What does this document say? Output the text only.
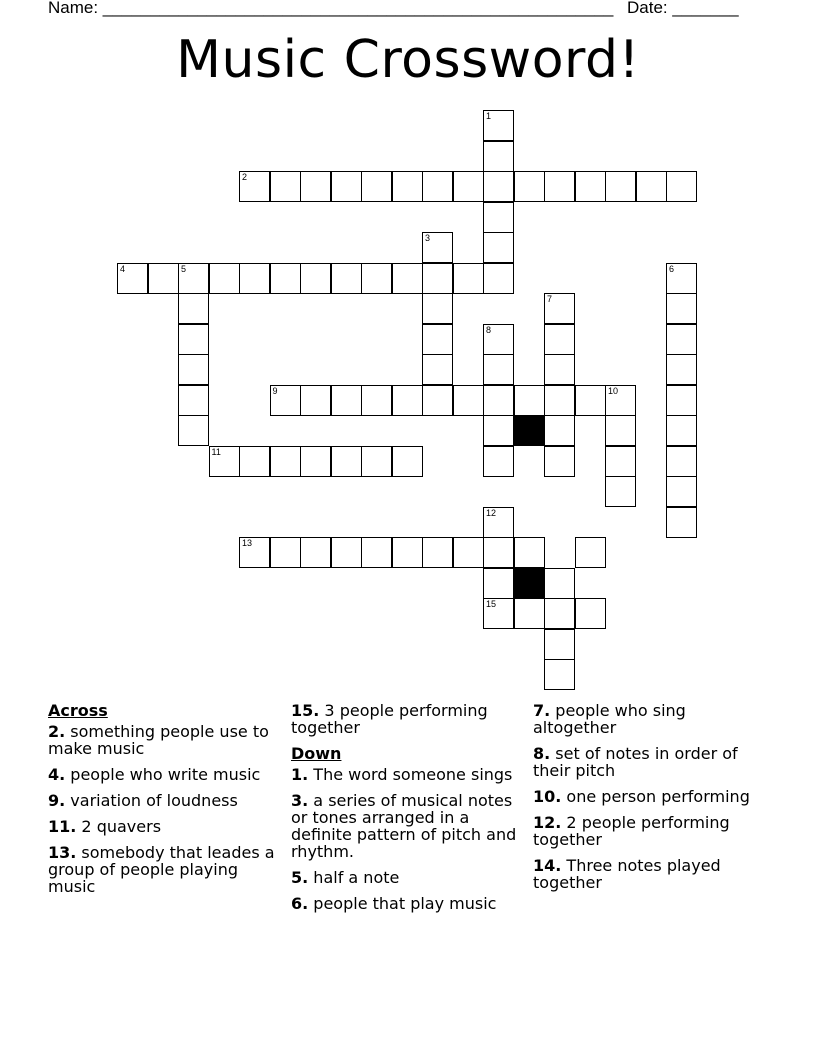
Name: ______________________________________________________ Date: _______
Music Crossword!
1
2
3
4	5	6
7
8
9	10
11
12
15
13
Across
2. something people use to make music
4. people who write music
9. variation of loudness
11. 2 quavers
13. somebody that leades a group of people playing music
15. 3 people performing together
Down
1. The word someone sings
3. a series of musical notes or tones arranged in a definite pattern of pitch and rhythm.
5. half a note
6. people that play music
7. people who sing altogether
8. set of notes in order of their pitch
10. one person performing
12. 2 people performing together
14. Three notes played together
